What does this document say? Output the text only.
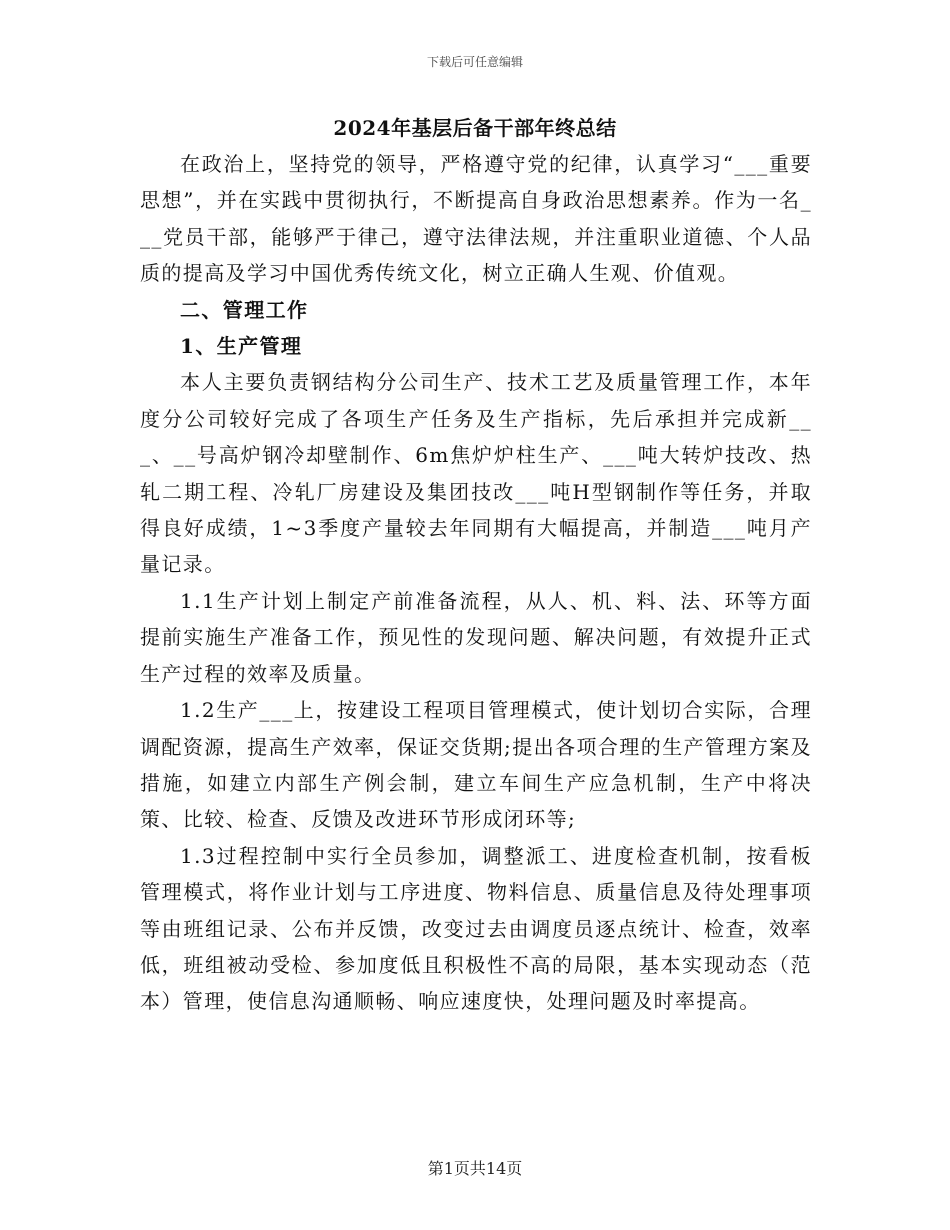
下载后可任意编辑
2024年基层后备干部年终总结

在政治上，坚持党的领导，严格遵守党的纪律，认真学习“___重要思想”，并在实践中贯彻执行，不断提高自身政治思想素养。作为一名___党员干部，能够严于律己，遵守法律法规，并注重职业道德、个人品质的提高及学习中国优秀传统文化，树立正确人生观、价值观。

二、管理工作

1、生产管理

本人主要负责钢结构分公司生产、技术工艺及质量管理工作，本年度分公司较好完成了各项生产任务及生产指标，先后承担并完成新___、__号高炉钢冷却壁制作、6m焦炉炉柱生产、___吨大转炉技改、热轧二期工程、冷轧厂房建设及集团技改___吨H型钢制作等任务，并取得良好成绩，1~3季度产量较去年同期有大幅提高，并制造___吨月产量记录。

1.1生产计划上制定产前准备流程，从人、机、料、法、环等方面提前实施生产准备工作，预见性的发现问题、解决问题，有效提升正式生产过程的效率及质量。

1.2生产___上，按建设工程项目管理模式，使计划切合实际，合理调配资源，提高生产效率，保证交货期;提出各项合理的生产管理方案及措施，如建立内部生产例会制，建立车间生产应急机制，生产中将决策、比较、检查、反馈及改进环节形成闭环等;

1.3过程控制中实行全员参加，调整派工、进度检查机制，按看板管理模式，将作业计划与工序进度、物料信息、质量信息及待处理事项等由班组记录、公布并反馈，改变过去由调度员逐点统计、检查，效率低，班组被动受检、参加度低且积极性不高的局限，基本实现动态（范本）管理，使信息沟通顺畅、响应速度快，处理问题及时率提高。

第1页共14页
